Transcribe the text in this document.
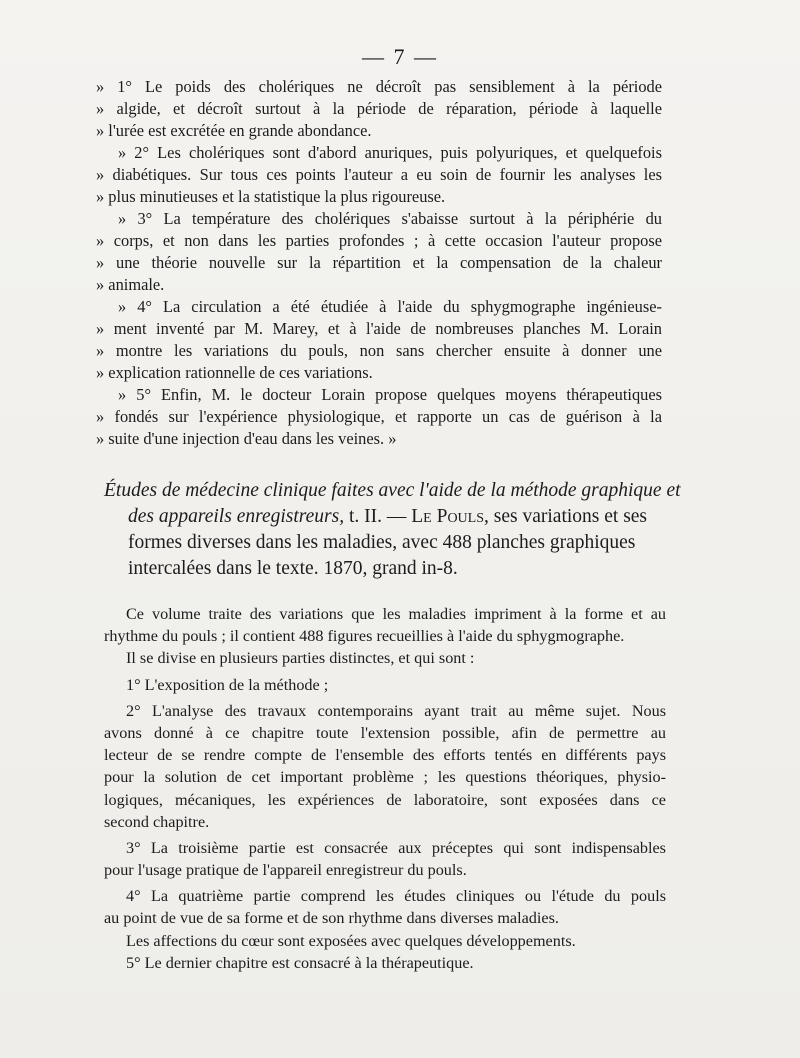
— 7 —
» 1° Le poids des cholériques ne décroît pas sensiblement à la période
» algide, et décroît surtout à la période de réparation, période à laquelle
» l'urée est excrétée en grande abondance.
» 2° Les cholériques sont d'abord anuriques, puis polyuriques, et quelquefois
» diabétiques. Sur tous ces points l'auteur a eu soin de fournir les analyses les
» plus minutieuses et la statistique la plus rigoureuse.
» 3° La température des cholériques s'abaisse surtout à la périphérie du
» corps, et non dans les parties profondes ; à cette occasion l'auteur propose
» une théorie nouvelle sur la répartition et la compensation de la chaleur
» animale.
» 4° La circulation a été étudiée à l'aide du sphygmographe ingénieuse-
» ment inventé par M. Marey, et à l'aide de nombreuses planches M. Lorain
» montre les variations du pouls, non sans chercher ensuite à donner une
» explication rationnelle de ces variations.
» 5° Enfin, M. le docteur Lorain propose quelques moyens thérapeutiques
» fondés sur l'expérience physiologique, et rapporte un cas de guérison à la
» suite d'une injection d'eau dans les veines. »
Études de médecine clinique faites avec l'aide de la méthode graphique et
des appareils enregistreurs, t. II. — Le Pouls, ses variations et ses
formes diverses dans les maladies, avec 488 planches graphiques
intercalées dans le texte. 1870, grand in-8.
Ce volume traite des variations que les maladies impriment à la forme et au
rhythme du pouls ; il contient 488 figures recueillies à l'aide du sphygmographe.
Il se divise en plusieurs parties distinctes, et qui sont :
1° L'exposition de la méthode ;
2° L'analyse des travaux contemporains ayant trait au même sujet. Nous
avons donné à ce chapitre toute l'extension possible, afin de permettre au
lecteur de se rendre compte de l'ensemble des efforts tentés en différents pays
pour la solution de cet important problème ; les questions théoriques, physio-
logiques, mécaniques, les expériences de laboratoire, sont exposées dans ce
second chapitre.
3° La troisième partie est consacrée aux préceptes qui sont indispensables
pour l'usage pratique de l'appareil enregistreur du pouls.
4° La quatrième partie comprend les études cliniques ou l'étude du pouls
au point de vue de sa forme et de son rhythme dans diverses maladies.
Les affections du cœur sont exposées avec quelques développements.
5° Le dernier chapitre est consacré à la thérapeutique.
